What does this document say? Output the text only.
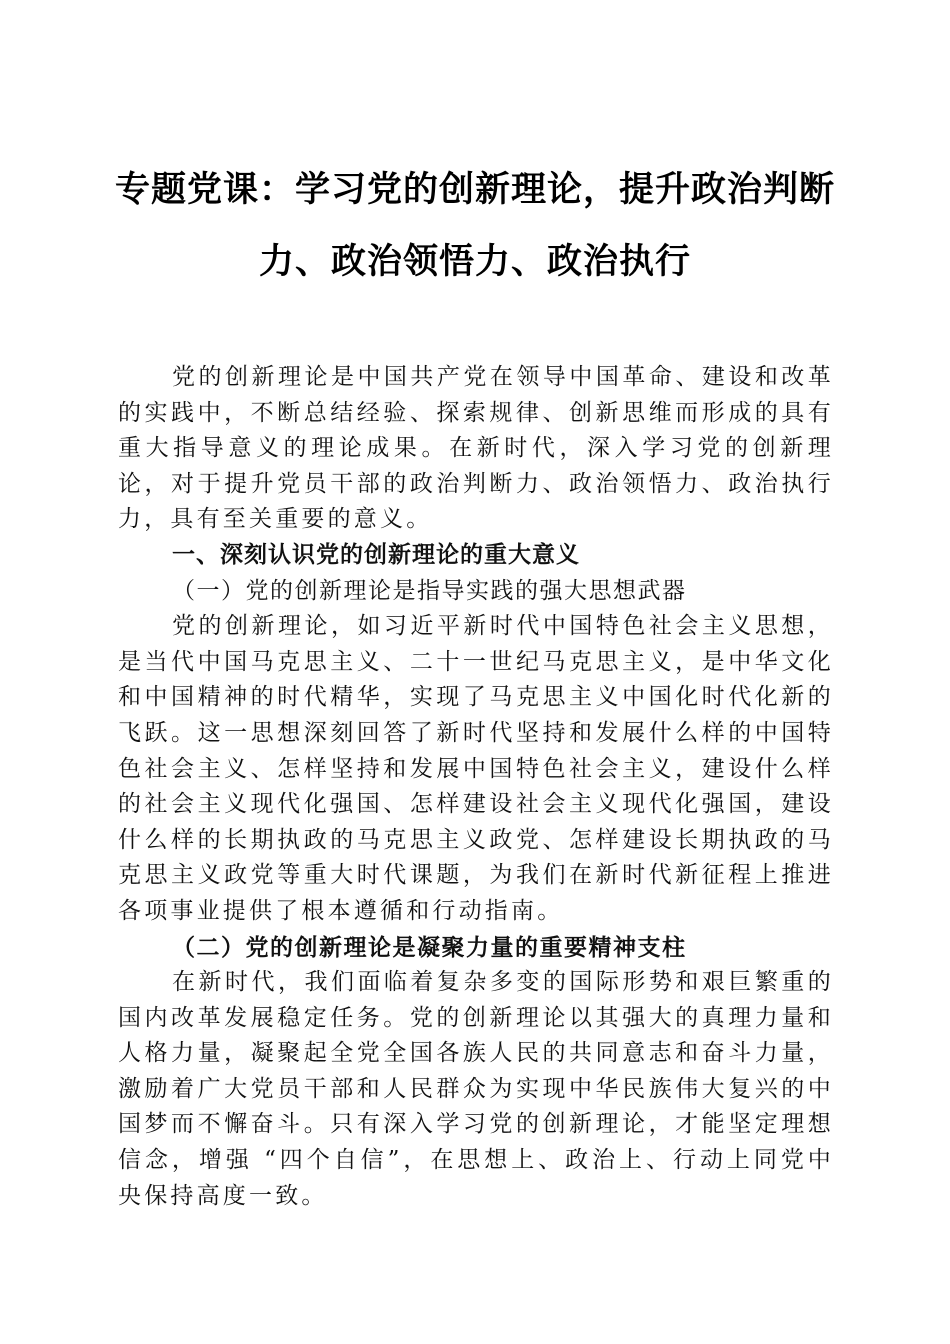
专题党课：学习党的创新理论，提升政治判断
力、政治领悟力、政治执行

党的创新理论是中国共产党在领导中国革命、建设和改革的实践中，不断总结经验、探索规律、创新思维而形成的具有重大指导意义的理论成果。在新时代，深入学习党的创新理论，对于提升党员干部的政治判断力、政治领悟力、政治执行力，具有至关重要的意义。

一、深刻认识党的创新理论的重大意义

（一）党的创新理论是指导实践的强大思想武器

党的创新理论，如习近平新时代中国特色社会主义思想，是当代中国马克思主义、二十一世纪马克思主义，是中华文化和中国精神的时代精华，实现了马克思主义中国化时代化新的飞跃。这一思想深刻回答了新时代坚持和发展什么样的中国特色社会主义、怎样坚持和发展中国特色社会主义，建设什么样的社会主义现代化强国、怎样建设社会主义现代化强国，建设什么样的长期执政的马克思主义政党、怎样建设长期执政的马克思主义政党等重大时代课题，为我们在新时代新征程上推进各项事业提供了根本遵循和行动指南。

（二）党的创新理论是凝聚力量的重要精神支柱

在新时代，我们面临着复杂多变的国际形势和艰巨繁重的国内改革发展稳定任务。党的创新理论以其强大的真理力量和人格力量，凝聚起全党全国各族人民的共同意志和奋斗力量，激励着广大党员干部和人民群众为实现中华民族伟大复兴的中国梦而不懈奋斗。只有深入学习党的创新理论，才能坚定理想信念，增强 “四个自信”，在思想上、政治上、行动上同党中央保持高度一致。
